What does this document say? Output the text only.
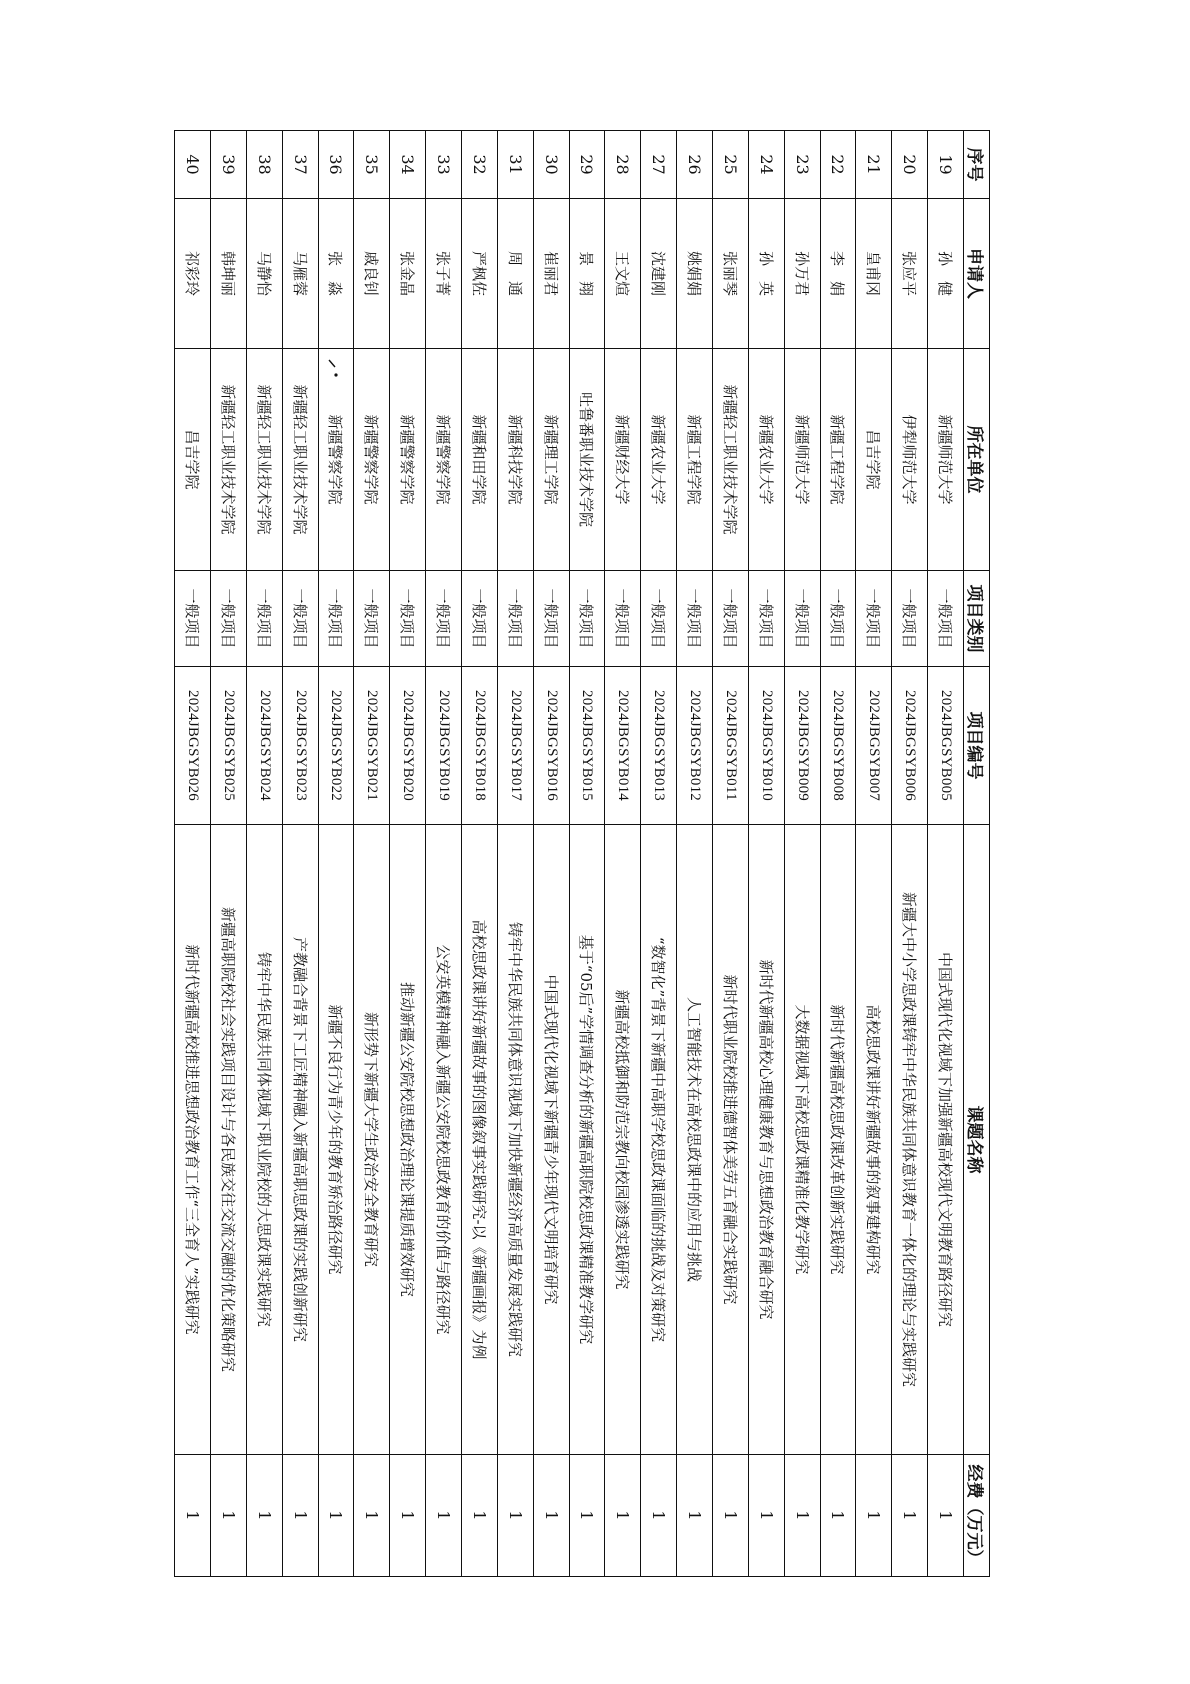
序号	申请人	所在单位	项目类别	项目编号	课题名称	经费（万元）
19	孙　健	新疆师范大学	一般项目	2024JBGSYB005	中国式现代化视域下加强新疆高校现代文明教育路径研究	1
20	张应平	伊犁师范大学	一般项目	2024JBGSYB006	新疆大中小学思政课铸牢中华民族共同体意识教育一体化的理论与实践研究	1
21	皇甫冈	昌吉学院	一般项目	2024JBGSYB007	高校思政课讲好新疆故事的叙事建构研究	1
22	李　娟	新疆工程学院	一般项目	2024JBGSYB008	新时代新疆高校思政课改革创新实践研究	1
23	孙万君	新疆师范大学	一般项目	2024JBGSYB009	大数据视域下高校思政课精准化教学研究	1
24	孙　英	新疆农业大学	一般项目	2024JBGSYB010	新时代新疆高校心理健康教育与思想政治教育融合研究	1
25	张丽琴	新疆轻工职业技术学院	一般项目	2024JBGSYB011	新时代职业院校推进德智体美劳五育融合实践研究	1
26	姚娟娟	新疆工程学院	一般项目	2024JBGSYB012	人工智能技术在高校思政课中的应用与挑战	1
27	沈建刚	新疆农业大学	一般项目	2024JBGSYB013	“数智化”背景下新疆中高职学校思政课面临的挑战及对策研究	1
28	王文煊	新疆财经大学	一般项目	2024JBGSYB014	新疆高校抵御和防范宗教向校园渗透实践研究	1
29	景　翔	吐鲁番职业技术学院	一般项目	2024JBGSYB015	基于“05后”学情调查分析的新疆高职院校思政课精准教学研究	1
30	崔丽君	新疆理工学院	一般项目	2024JBGSYB016	中国式现代化视域下新疆青少年现代文明培育研究	1
31	周　通	新疆科技学院	一般项目	2024JBGSYB017	铸牢中华民族共同体意识视域下加快新疆经济高质量发展实践研究	1
32	严枫佐	新疆和田学院	一般项目	2024JBGSYB018	高校思政课讲好新疆故事的图像叙事实践研究-以《新疆画报》为例	1
33	张子菁	新疆警察学院	一般项目	2024JBGSYB019	公安英模精神融入新疆公安院校思政教育的价值与路径研究	1
34	张金晶	新疆警察学院	一般项目	2024JBGSYB020	推动新疆公安院校思想政治理论课提质增效研究	1
35	戚良钊	新疆警察学院	一般项目	2024JBGSYB021	新形势下新疆大学生政治安全教育研究	1
36	张　淼	新疆警察学院	一般项目	2024JBGSYB022	新疆不良行为青少年的教育矫治路径研究	1
37	马雁蓉	新疆轻工职业技术学院	一般项目	2024JBGSYB023	产教融合背景下工匠精神融入新疆高职思政课的实践创新研究	1
38	马静怡	新疆轻工职业技术学院	一般项目	2024JBGSYB024	铸牢中华民族共同体视域下职业院校的大思政课实践研究	1
39	韩坤丽	新疆轻工职业技术学院	一般项目	2024JBGSYB025	新疆高职院校社会实践项目设计与各民族交往交流交融的优化策略研究	1
40	祁彩玲	昌吉学院	一般项目	2024JBGSYB026	新时代新疆高校推进思想政治教育工作“三全育人”实践研究	1
